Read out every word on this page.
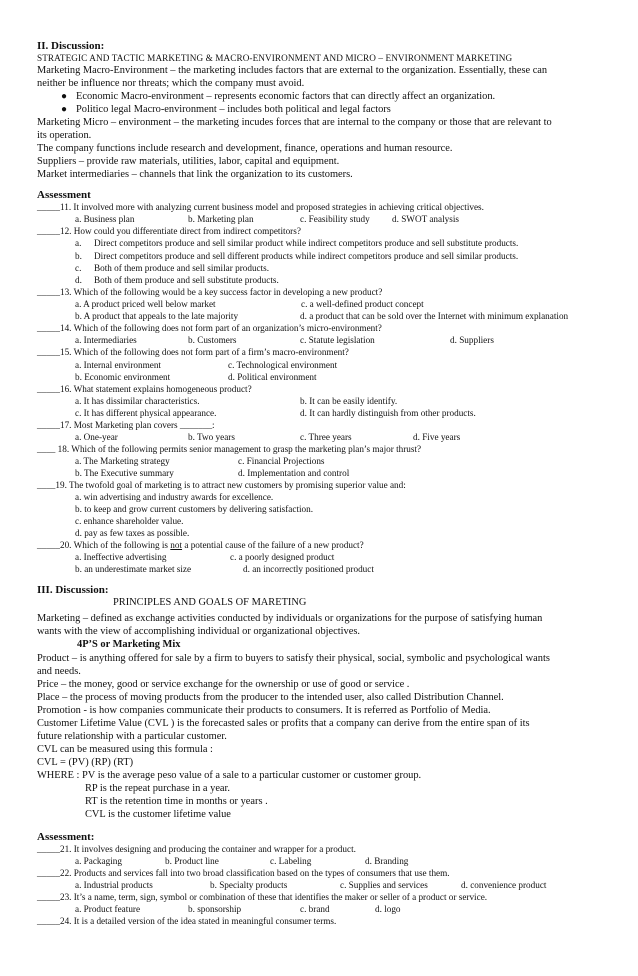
II. Discussion:
STRATEGIC AND TACTIC MARKETING & MACRO-ENVIRONMENT AND MICRO – ENVIRONMENT MARKETING
Marketing Macro-Environment – the marketing includes factors that are external to the organization. Essentially, these can
neither be influence nor threats; which the company must avoid.
● Economic Macro-environment – represents economic factors that can directly affect an organization.
● Politico legal Macro-environment – includes both political and legal factors
Marketing Micro – environment – the marketing incudes forces that are internal to the company or those that are relevant to
its operation.
The company functions include research and development, finance, operations and human resource.
Suppliers – provide raw materials, utilities, labor, capital and equipment.
Market intermediaries – channels that link the organization to its customers.
Assessment
_____11. It involved more with analyzing current business model and proposed strategies in achieving critical objectives.
a. Business plan	b. Marketing plan	c. Feasibility study d. SWOT analysis
_____12. How could you differentiate direct from indirect competitors?
a. Direct competitors produce and sell similar product while indirect competitors produce and sell substitute products.
b. Direct competitors produce and sell different products while indirect competitors produce and sell similar products.
c. Both of them produce and sell similar products.
d. Both of them produce and sell substitute products.
_____13. Which of the following would be a key success factor in developing a new product?
a. A product priced well below market	c. a well-defined product concept
b. A product that appeals to the late majority	d. a product that can be sold over the Internet with minimum explanation
_____14. Which of the following does not form part of an organization’s micro-environment?
a. Intermediaries	b. Customers	c. Statute legislation	d. Suppliers
_____15. Which of the following does not form part of a firm’s macro-environment?
a. Internal environment	c. Technological environment
b. Economic environment	d. Political environment
_____16. What statement explains homogeneous product?
a. It has dissimilar characteristics.	b. It can be easily identify.
c. It has different physical appearance.	d. It can hardly distinguish from other products.
_____17. Most Marketing plan covers _______:
a. One-year	b. Two years	c. Three years	d. Five years
____ 18. Which of the following permits senior management to grasp the marketing plan’s major thrust?
a. The Marketing strategy	c. Financial Projections
b. The Executive summary	d. Implementation and control
____19. The twofold goal of marketing is to attract new customers by promising superior value and:
a. win advertising and industry awards for excellence.
b. to keep and grow current customers by delivering satisfaction.
c. enhance shareholder value.
d. pay as few taxes as possible.
_____20. Which of the following is not a potential cause of the failure of a new product?
a. Ineffective advertising	c. a poorly designed product
b. an underestimate market size	d. an incorrectly positioned product
III. Discussion:
PRINCIPLES AND GOALS OF MARETING
Marketing – defined as exchange activities conducted by individuals or organizations for the purpose of satisfying human
wants with the view of accomplishing individual or organizational objectives.
4P’S or Marketing Mix
Product – is anything offered for sale by a firm to buyers to satisfy their physical, social, symbolic and psychological wants
and needs.
Price – the money, good or service exchange for the ownership or use of good or service .
Place – the process of moving products from the producer to the intended user, also called Distribution Channel.
Promotion - is how companies communicate their products to consumers. It is referred as Portfolio of Media.
Customer Lifetime Value (CVL ) is the forecasted sales or profits that a company can derive from the entire span of its
future relationship with a particular customer.
CVL can be measured using this formula :
CVL = (PV) (RP) (RT)
WHERE : PV is the average peso value of a sale to a particular customer or customer group.
RP is the repeat purchase in a year.
RT is the retention time in months or years .
CVL is the customer lifetime value
Assessment:
_____21. It involves designing and producing the container and wrapper for a product.
a. Packaging	b. Product line	c. Labeling	d. Branding
_____22. Products and services fall into two broad classification based on the types of consumers that use them.
a. Industrial products	b. Specialty products	c. Supplies and services	d. convenience product
_____23. It’s a name, term, sign, symbol or combination of these that identifies the maker or seller of a product or service.
a. Product feature	b. sponsorship	c. brand	d. logo
_____24. It is a detailed version of the idea stated in meaningful consumer terms.
